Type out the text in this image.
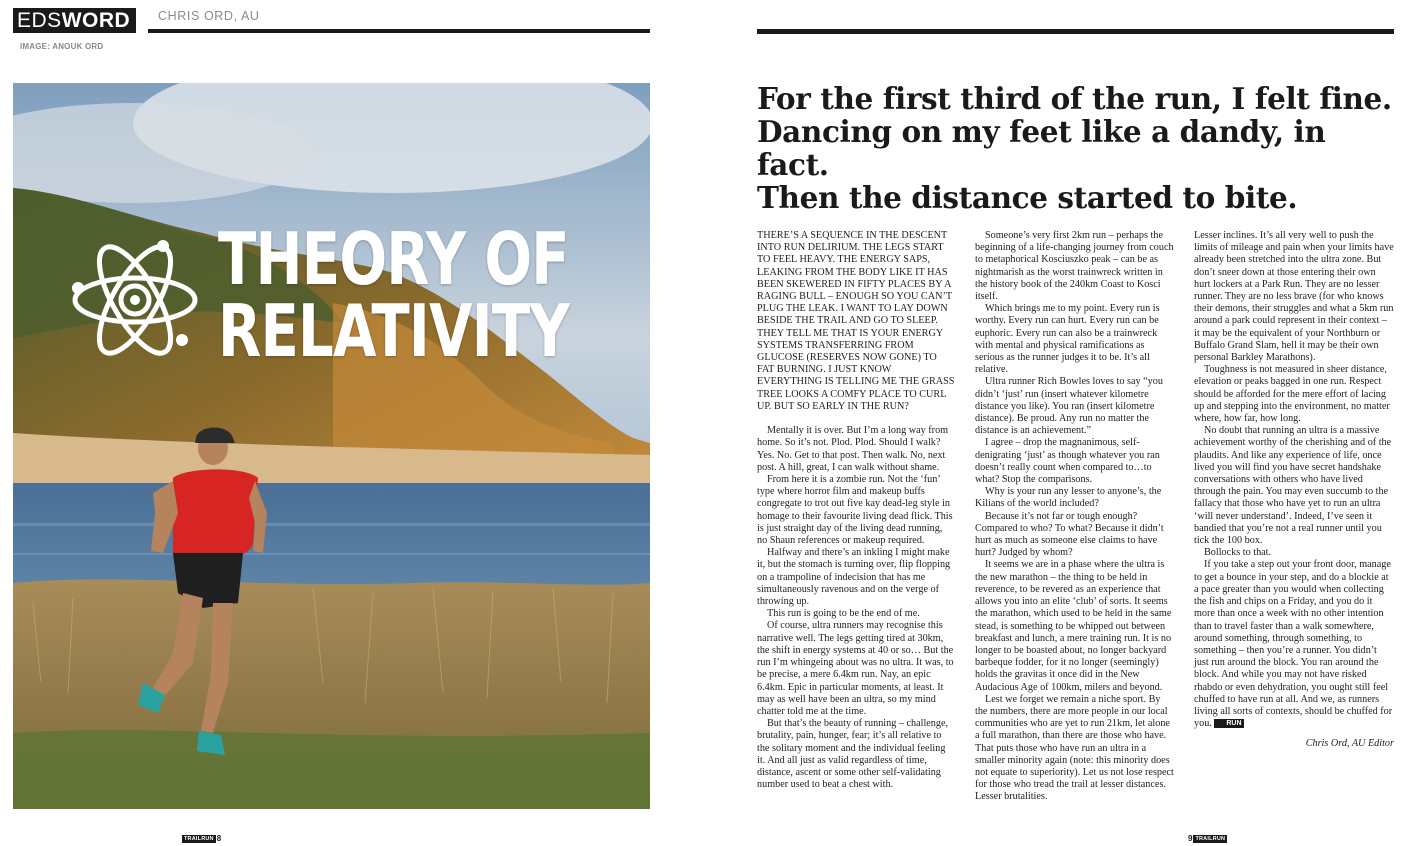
EDS WORD CHRIS ORD, AU
IMAGE: ANOUK ORD
THEORY OF
RELATIVITY
For the first third of the run, I felt fine.
Dancing on my feet like a dandy, in fact.
Then the distance started to bite.

THERE’S A SEQUENCE IN THE DESCENT INTO RUN DELIRIUM. THE LEGS START TO FEEL HEAVY. THE ENERGY SAPS, LEAKING FROM THE BODY LIKE IT HAS BEEN SKEWERED IN FIFTY PLACES BY A RAGING BULL – ENOUGH SO YOU CAN’T PLUG THE LEAK. I WANT TO LAY DOWN BESIDE THE TRAIL AND GO TO SLEEP. THEY TELL ME THAT IS YOUR ENERGY SYSTEMS TRANSFERRING FROM GLUCOSE (RESERVES NOW GONE) TO FAT BURNING. I JUST KNOW EVERYTHING IS TELLING ME THE GRASS TREE LOOKS A COMFY PLACE TO CURL UP. BUT SO EARLY IN THE RUN?

Mentally it is over. But I’m a long way from home. So it’s not. Plod. Plod. Should I walk? Yes. No. Get to that post. Then walk. No, next post. A hill, great, I can walk without shame.

From here it is a zombie run. Not the ‘fun’ type where horror film and makeup buffs congregate to trot out five kay dead-leg style in homage to their favourite living dead flick. This is just straight day of the living dead running, no Shaun references or makeup required.

Halfway and there’s an inkling I might make it, but the stomach is turning over, flip flopping on a trampoline of indecision that has me simultaneously ravenous and on the verge of throwing up.

This run is going to be the end of me.

Of course, ultra runners may recognise this narrative well. The legs getting tired at 30km, the shift in energy systems at 40 or so… But the run I’m whingeing about was no ultra. It was, to be precise, a mere 6.4km run. Nay, an epic 6.4km. Epic in particular moments, at least. It may as well have been an ultra, so my mind chatter told me at the time.

But that’s the beauty of running – challenge, brutality, pain, hunger, fear; it’s all relative to the solitary moment and the individual feeling it. And all just as valid regardless of time, distance, ascent or some other self-validating number used to beat a chest with.

Someone’s very first 2km run – perhaps the beginning of a life-changing journey from couch to metaphorical Kosciuszko peak – can be as nightmarish as the worst trainwreck written in the history book of the 240km Coast to Kosci itself.

Which brings me to my point. Every run is worthy. Every run can hurt. Every run can be euphoric. Every run can also be a trainwreck with mental and physical ramifications as serious as the runner judges it to be. It’s all relative.

Ultra runner Rich Bowles loves to say “you didn’t ‘just’ run (insert whatever kilometre distance you like). You ran (insert kilometre distance). Be proud. Any run no matter the distance is an achievement.”

I agree – drop the magnanimous, self-denigrating ‘just’ as though whatever you ran doesn’t really count when compared to…to what? Stop the comparisons.

Why is your run any lesser to anyone’s, the Kilians of the world included?

Because it’s not far or tough enough? Compared to who? To what? Because it didn’t hurt as much as someone else claims to have hurt? Judged by whom?

It seems we are in a phase where the ultra is the new marathon – the thing to be held in reverence, to be revered as an experience that allows you into an elite ‘club’ of sorts. It seems the marathon, which used to be held in the same stead, is something to be whipped out between breakfast and lunch, a mere training run. It is no longer to be boasted about, no longer backyard barbeque fodder, for it no longer (seemingly) holds the gravitas it once did in the New Audacious Age of 100km, milers and beyond.

Lest we forget we remain a niche sport. By the numbers, there are more people in our local communities who are yet to run 21km, let alone a full marathon, than there are those who have. That puts those who have run an ultra in a smaller minority again (note: this minority does not equate to superiority). Let us not lose respect for those who tread the trail at lesser distances. Lesser brutalities.

Lesser inclines. It’s all very well to push the limits of mileage and pain when your limits have already been stretched into the ultra zone. But don’t sneer down at those entering their own hurt lockers at a Park Run. They are no lesser runner. They are no less brave (for who knows their demons, their struggles and what a 5km run around a park could represent in their context – it may be the equivalent of your Northburn or Buffalo Grand Slam, hell it may be their own personal Barkley Marathons).

Toughness is not measured in sheer distance, elevation or peaks bagged in one run. Respect should be afforded for the mere effort of lacing up and stepping into the environment, no matter where, how far, how long.

No doubt that running an ultra is a massive achievement worthy of the cherishing and of the plaudits. And like any experience of life, once lived you will find you have secret handshake conversations with others who have lived through the pain. You may even succumb to the fallacy that those who have yet to run an ultra ‘will never understand’. Indeed, I’ve seen it bandied that you’re not a real runner until you tick the 100 box.

Bollocks to that.

If you take a step out your front door, manage to get a bounce in your step, and do a blockie at a pace greater than you would when collecting the fish and chips on a Friday, and you do it more than once a week with no other intention than to travel faster than a walk somewhere, around something, through something, to something – then you’re a runner. You didn’t just run around the block. You ran around the block. And while you may not have risked rhabdo or even dehydration, you ought still feel chuffed to have run at all. And we, as runners living all sorts of contexts, should be chuffed for you. RUN

Chris Ord, AU Editor

TRAILRUN 8	9 TRAILRUN
